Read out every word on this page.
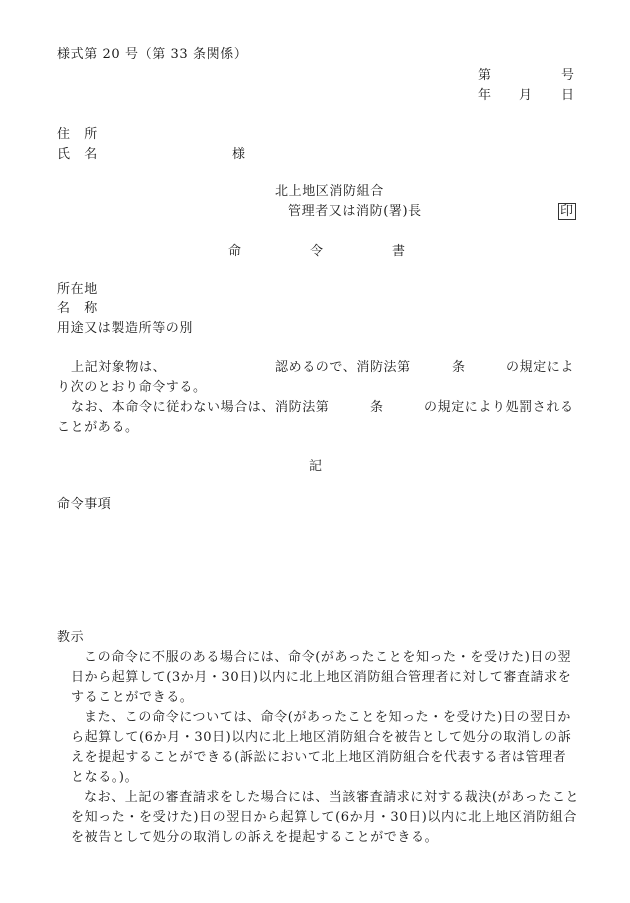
様式第 20 号（第 33 条関係）
第	号
年 月 日
住　所
氏　名	様
北上地区消防組合
管理者又は消防(署)長	印
命	令	書
所在地
名　称
用途又は製造所等の別
上記対象物は、	認めるので、消防法第	条	の規定によ
り次のとおり命令する。
なお、本命令に従わない場合は、消防法第	条	の規定により処罰される
ことがある。
記
命令事項
教示
この命令に不服のある場合には、命令(があったことを知った・を受けた)日の翌
日から起算して(3か月・30日)以内に北上地区消防組合管理者に対して審査請求を
することができる。
また、この命令については、命令(があったことを知った・を受けた)日の翌日か
ら起算して(6か月・30日)以内に北上地区消防組合を被告として処分の取消しの訴
えを提起することができる(訴訟において北上地区消防組合を代表する者は管理者
となる。)。
なお、上記の審査請求をした場合には、当該審査請求に対する裁決(があったこと
を知った・を受けた)日の翌日から起算して(6か月・30日)以内に北上地区消防組合
を被告として処分の取消しの訴えを提起することができる。
